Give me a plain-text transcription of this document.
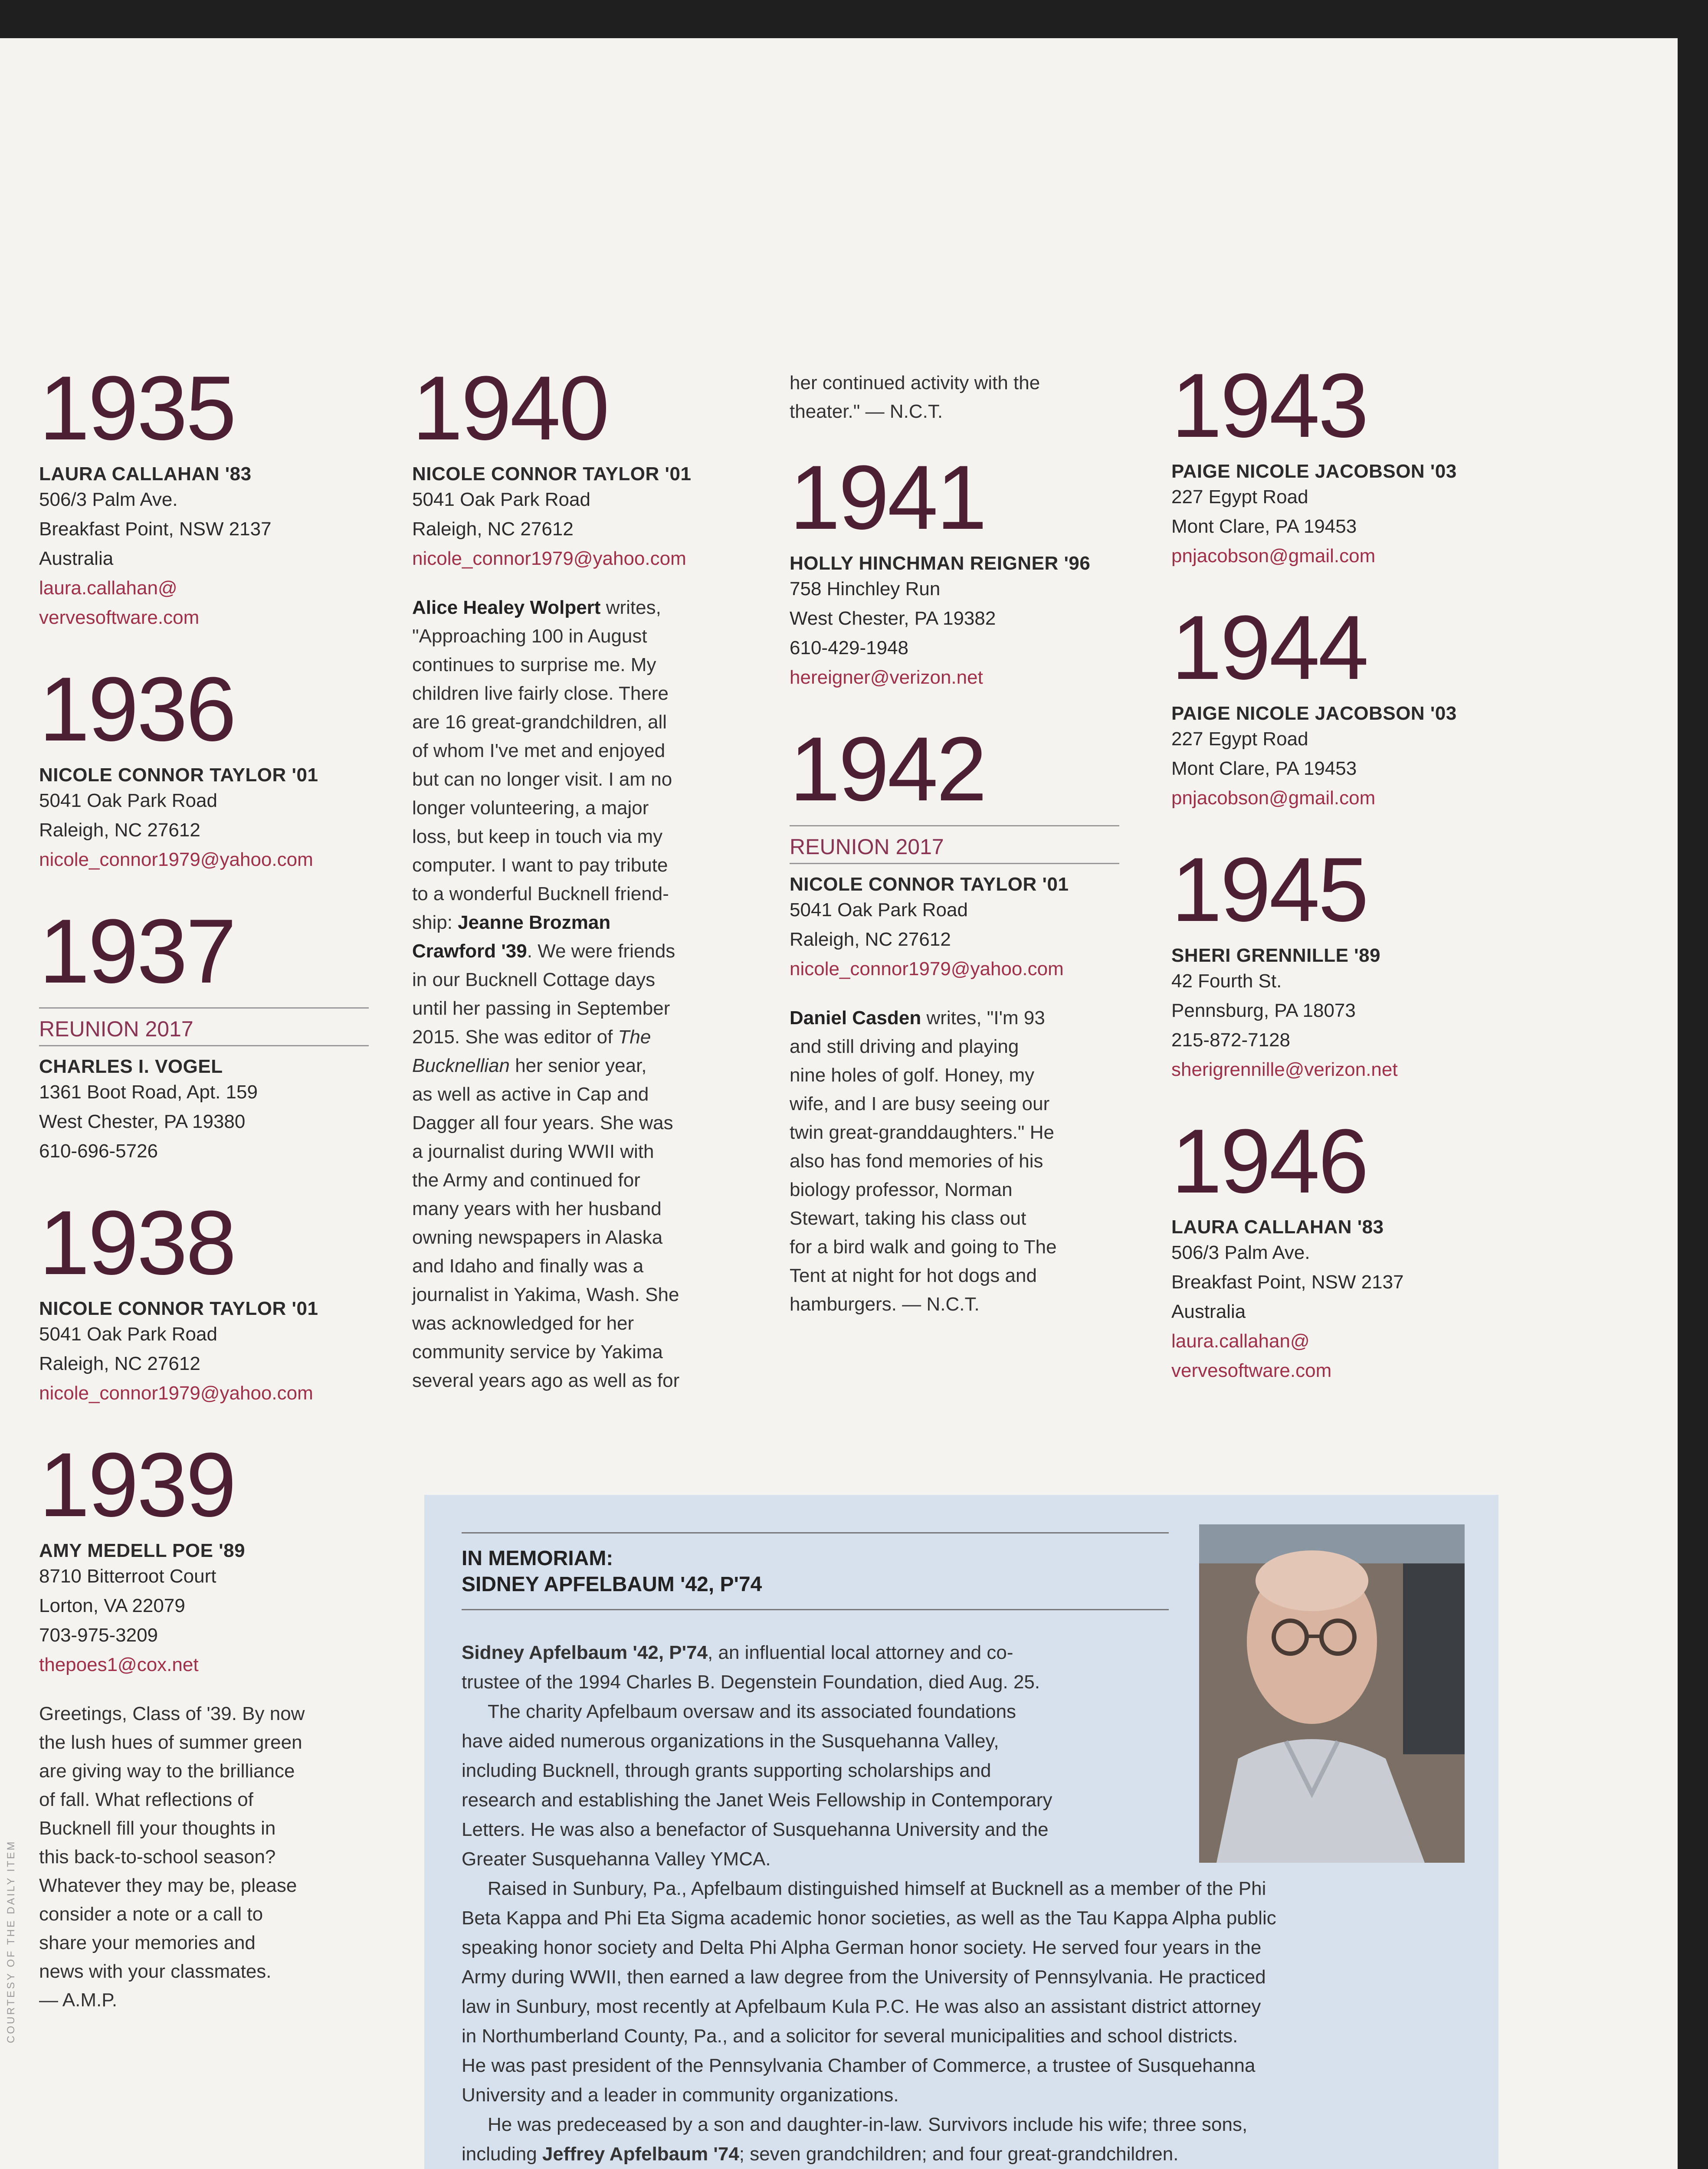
1935
LAURA CALLAHAN '83
506/3 Palm Ave.
Breakfast Point, NSW 2137
Australia
laura.callahan@
vervesoftware.com
1936
NICOLE CONNOR TAYLOR '01
5041 Oak Park Road
Raleigh, NC 27612
nicole_connor1979@yahoo.com
1937
REUNION 2017
CHARLES I. VOGEL
1361 Boot Road, Apt. 159
West Chester, PA 19380
610-696-5726
1938
NICOLE CONNOR TAYLOR '01
5041 Oak Park Road
Raleigh, NC 27612
nicole_connor1979@yahoo.com
1939
AMY MEDELL POE '89
8710 Bitterroot Court
Lorton, VA 22079
703-975-3209
thepoes1@cox.net
Greetings, Class of '39. By now
the lush hues of summer green
are giving way to the brilliance
of fall. What reflections of
Bucknell fill your thoughts in
this back-to-school season?
Whatever they may be, please
consider a note or a call to
share your memories and
news with your classmates.
— A.M.P.
1940
NICOLE CONNOR TAYLOR '01
5041 Oak Park Road
Raleigh, NC 27612
nicole_connor1979@yahoo.com
Alice Healey Wolpert writes,
"Approaching 100 in August
continues to surprise me. My
children live fairly close. There
are 16 great-grandchildren, all
of whom I've met and enjoyed
but can no longer visit. I am no
longer volunteering, a major
loss, but keep in touch via my
computer. I want to pay tribute
to a wonderful Bucknell friend-
ship: Jeanne Brozman
Crawford '39. We were friends
in our Bucknell Cottage days
until her passing in September
2015. She was editor of The
Bucknellian her senior year,
as well as active in Cap and
Dagger all four years. She was
a journalist during WWII with
the Army and continued for
many years with her husband
owning newspapers in Alaska
and Idaho and finally was a
journalist in Yakima, Wash. She
was acknowledged for her
community service by Yakima
several years ago as well as for
her continued activity with the
theater." — N.C.T.
1941
HOLLY HINCHMAN REIGNER '96
758 Hinchley Run
West Chester, PA 19382
610-429-1948
hereigner@verizon.net
1942
REUNION 2017
NICOLE CONNOR TAYLOR '01
5041 Oak Park Road
Raleigh, NC 27612
nicole_connor1979@yahoo.com
Daniel Casden writes, "I'm 93
and still driving and playing
nine holes of golf. Honey, my
wife, and I are busy seeing our
twin great-granddaughters." He
also has fond memories of his
biology professor, Norman
Stewart, taking his class out
for a bird walk and going to The
Tent at night for hot dogs and
hamburgers. — N.C.T.
1943
PAIGE NICOLE JACOBSON '03
227 Egypt Road
Mont Clare, PA 19453
pnjacobson@gmail.com
1944
PAIGE NICOLE JACOBSON '03
227 Egypt Road
Mont Clare, PA 19453
pnjacobson@gmail.com
1945
SHERI GRENNILLE '89
42 Fourth St.
Pennsburg, PA 18073
215-872-7128
sherigrennille@verizon.net
1946
LAURA CALLAHAN '83
506/3 Palm Ave.
Breakfast Point, NSW 2137
Australia
laura.callahan@
vervesoftware.com
IN MEMORIAM:
SIDNEY APFELBAUM '42, P'74
Sidney Apfelbaum '42, P'74, an influential local attorney and co-
trustee of the 1994 Charles B. Degenstein Foundation, died Aug. 25.
The charity Apfelbaum oversaw and its associated foundations
have aided numerous organizations in the Susquehanna Valley,
including Bucknell, through grants supporting scholarships and
research and establishing the Janet Weis Fellowship in Contemporary
Letters. He was also a benefactor of Susquehanna University and the
Greater Susquehanna Valley YMCA.
Raised in Sunbury, Pa., Apfelbaum distinguished himself at Bucknell as a member of the Phi
Beta Kappa and Phi Eta Sigma academic honor societies, as well as the Tau Kappa Alpha public
speaking honor society and Delta Phi Alpha German honor society. He served four years in the
Army during WWII, then earned a law degree from the University of Pennsylvania. He practiced
law in Sunbury, most recently at Apfelbaum Kula P.C. He was also an assistant district attorney
in Northumberland County, Pa., and a solicitor for several municipalities and school districts.
He was past president of the Pennsylvania Chamber of Commerce, a trustee of Susquehanna
University and a leader in community organizations.
He was predeceased by a son and daughter-in-law. Survivors include his wife; three sons,
including Jeffrey Apfelbaum '74; seven grandchildren; and four great-grandchildren.
COURTESY OF THE DAILY ITEM
